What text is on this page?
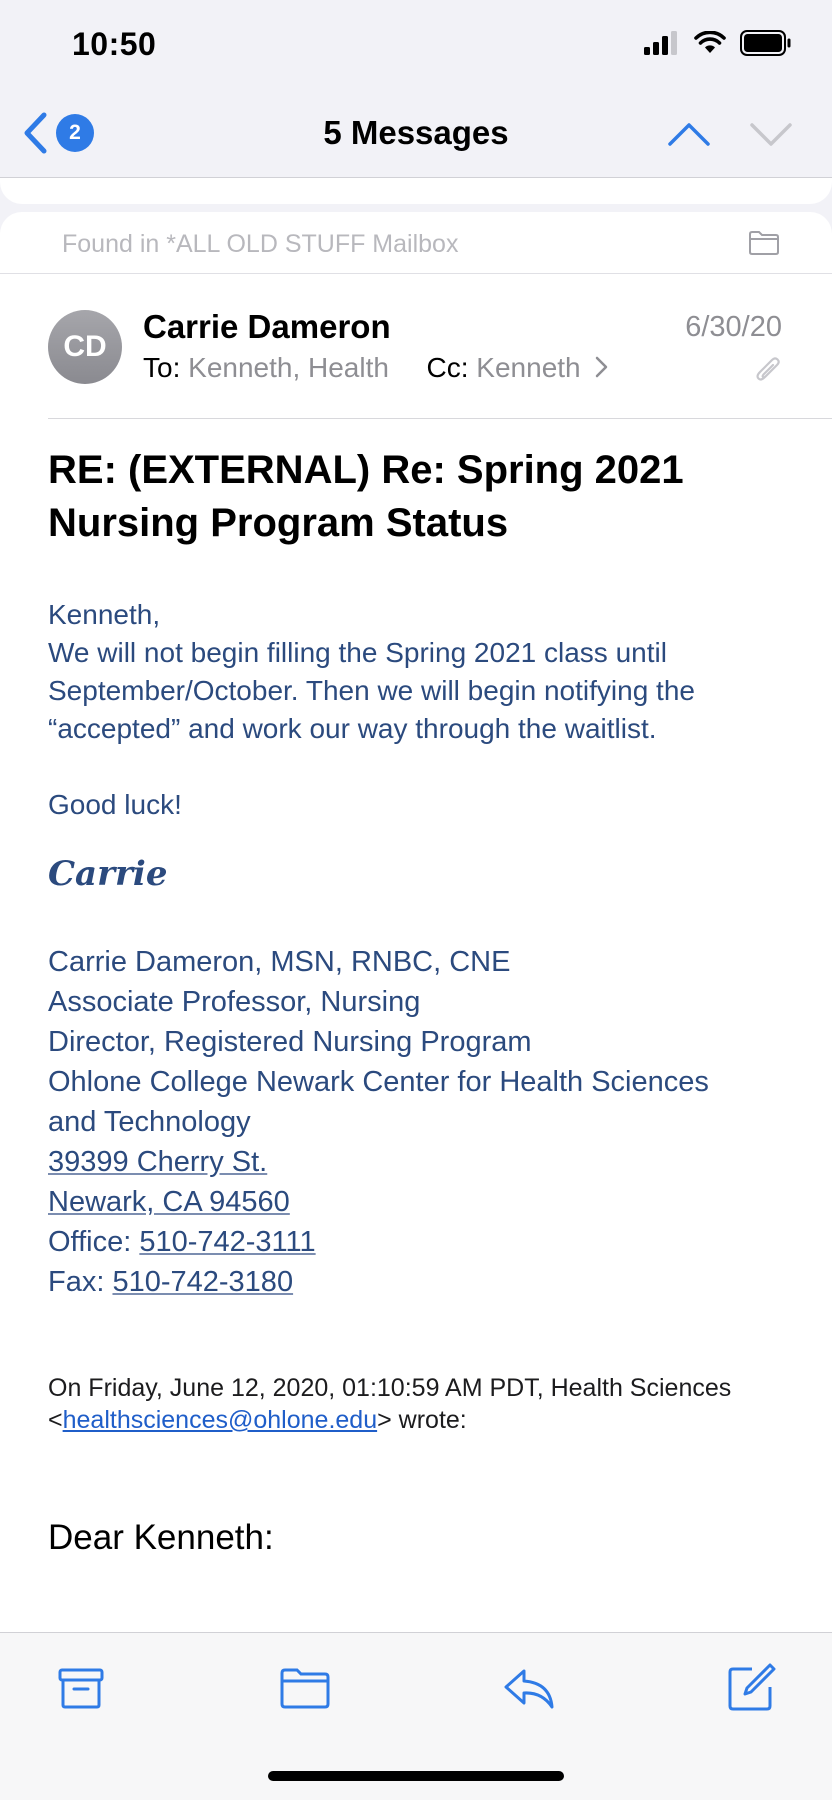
10:50
2	5 Messages
Found in *ALL OLD STUFF Mailbox
CD
Carrie Dameron	6/30/20
To: Kenneth, Health Cc: Kenneth
RE: (EXTERNAL) Re: Spring 2021 Nursing Program Status
Kenneth,
We will not begin filling the Spring 2021 class until
September/October. Then we will begin notifying the
“accepted” and work our way through the waitlist.
Good luck!
Carrie
Carrie Dameron, MSN, RNBC, CNE
Associate Professor, Nursing
Director, Registered Nursing Program
Ohlone College Newark Center for Health Sciences
and Technology
39399 Cherry St.
Newark, CA 94560
Office: 510-742-3111
Fax: 510-742-3180
On Friday, June 12, 2020, 01:10:59 AM PDT, Health Sciences
<healthsciences@ohlone.edu> wrote:
Dear Kenneth:
